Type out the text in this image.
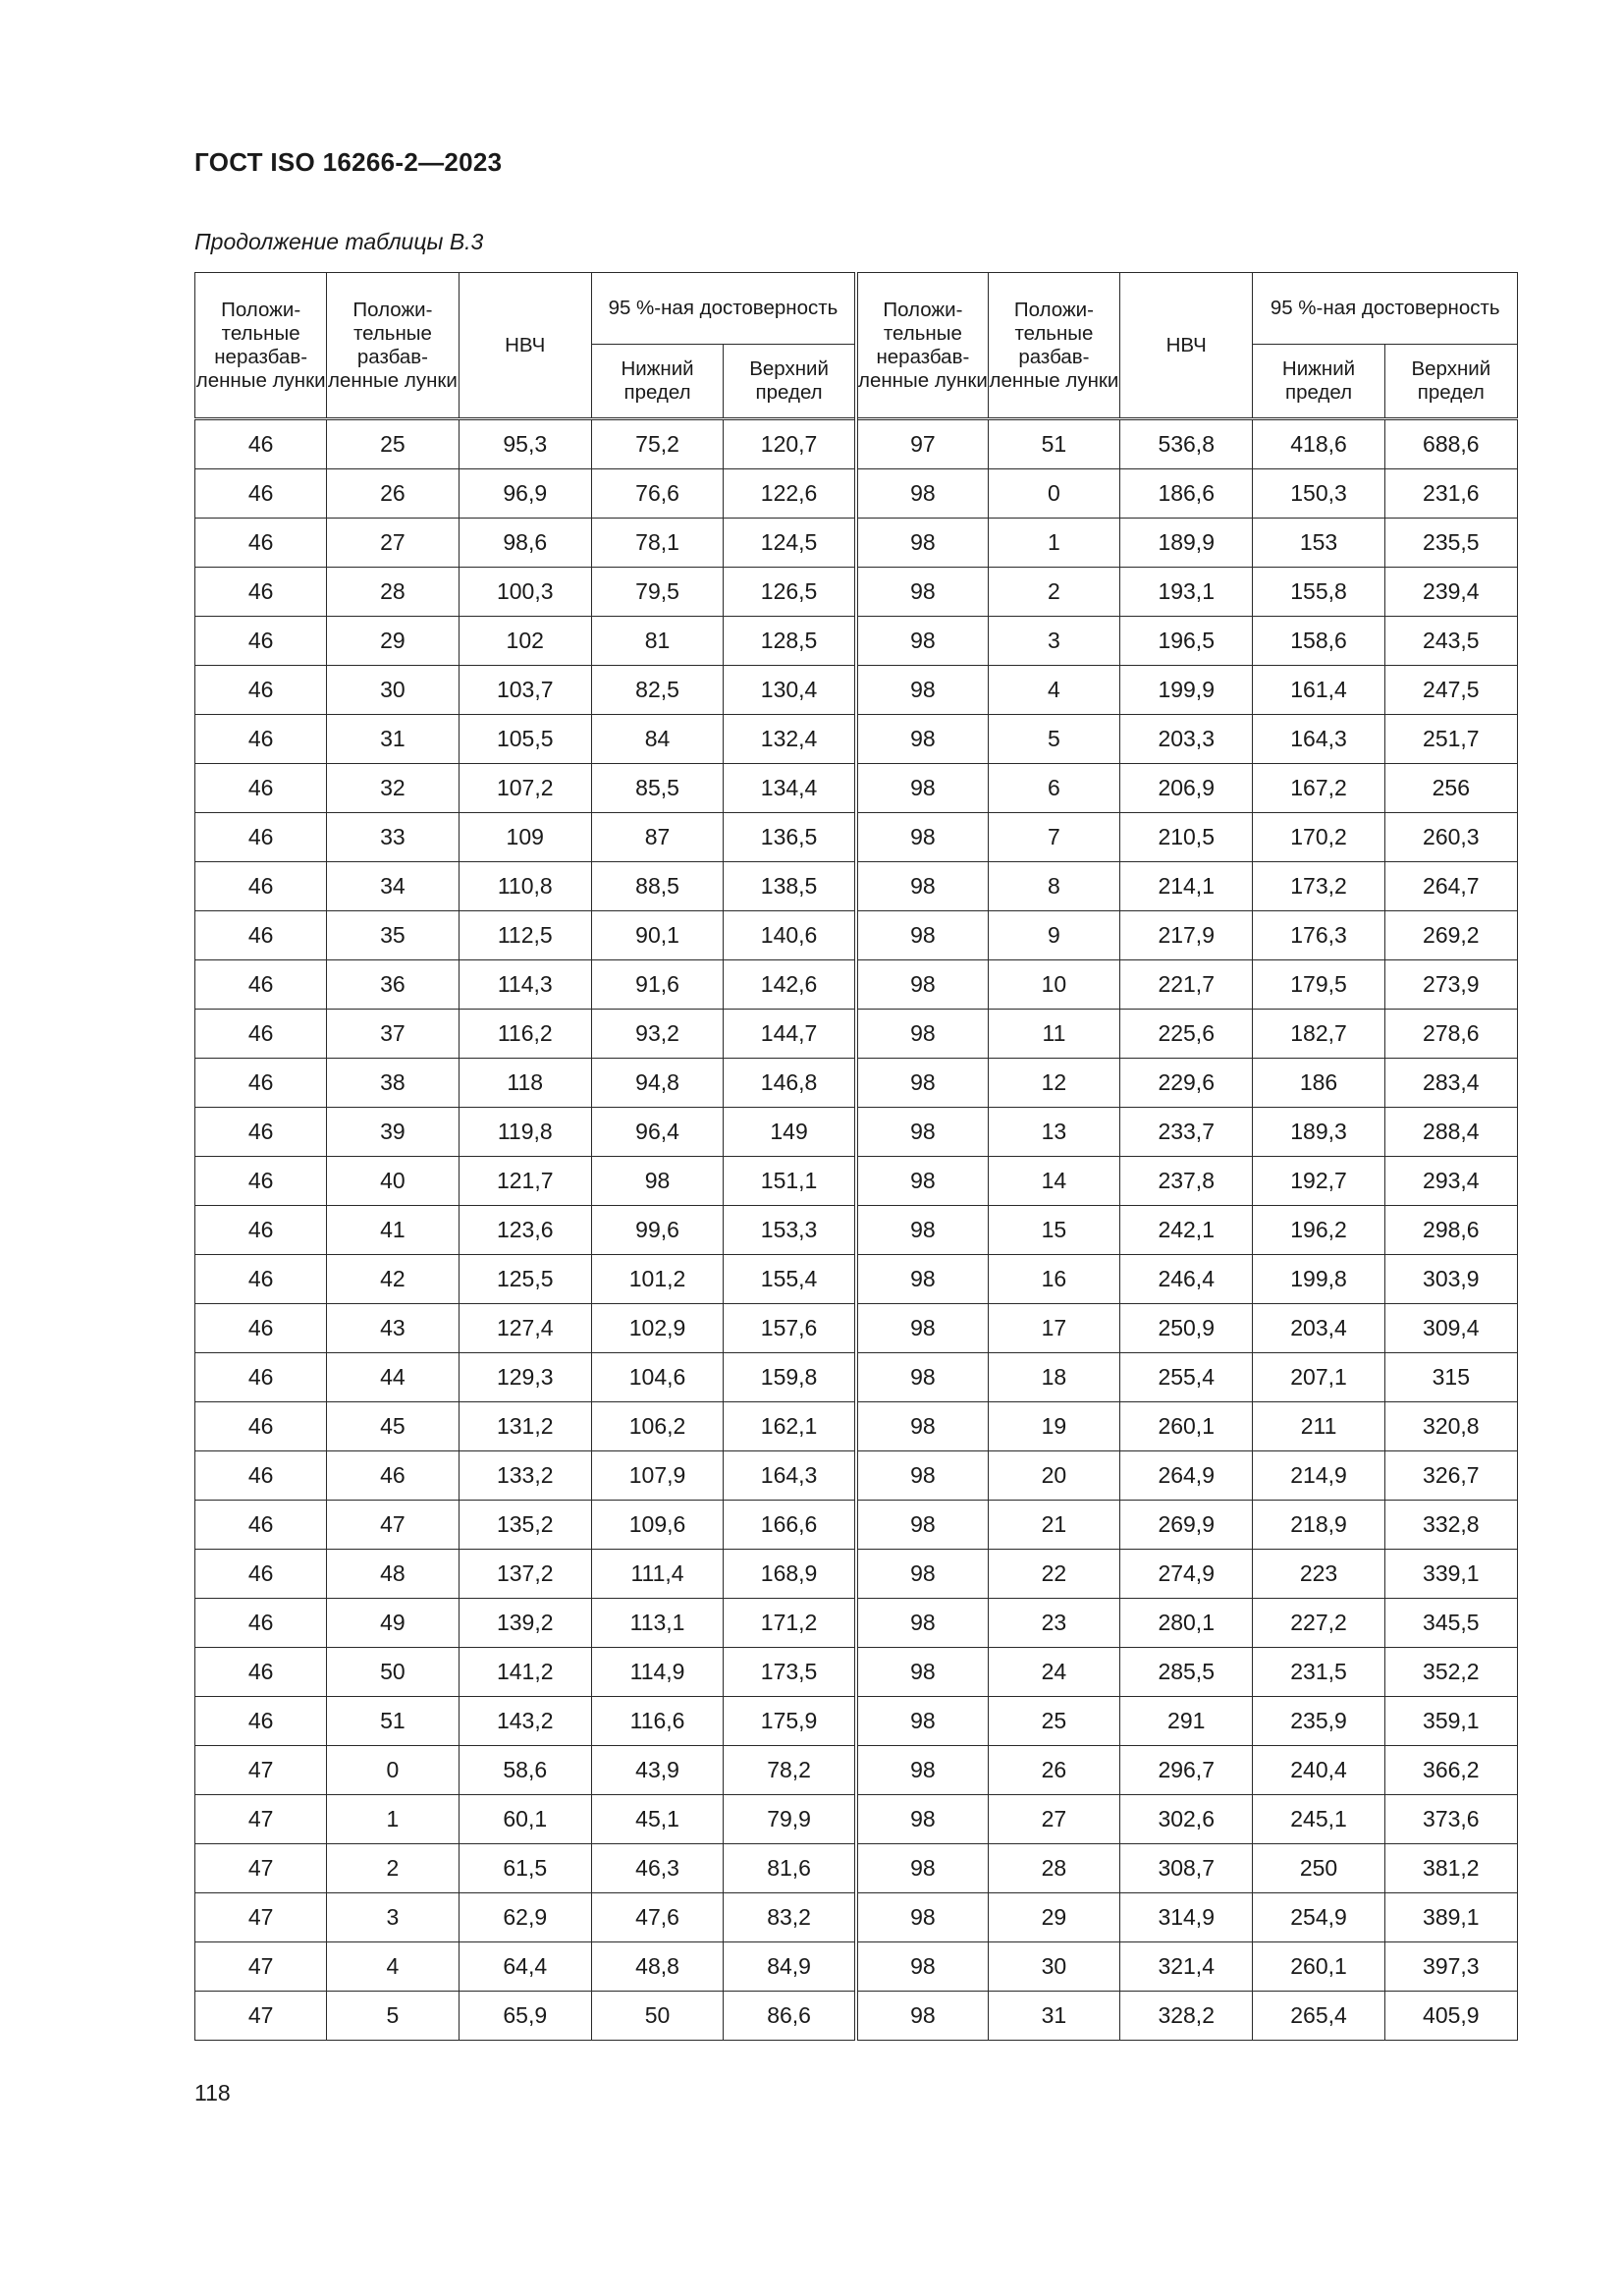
ГОСТ ISO 16266-2—2023
Продолжение таблицы В.3
Положи-тельные неразбав-ленные лунки	Положи-тельные разбав-ленные лунки	НВЧ	95 %-ная достоверность		Положи-тельные неразбав-ленные лунки	Положи-тельные разбав-ленные лунки	НВЧ	95 %-ная достоверность	
			Нижний предел	Верхний предел				Нижний предел	Верхний предел
46	25	95,3	75,2	120,7	97	51	536,8	418,6	688,6
46	26	96,9	76,6	122,6	98	0	186,6	150,3	231,6
46	27	98,6	78,1	124,5	98	1	189,9	153	235,5
46	28	100,3	79,5	126,5	98	2	193,1	155,8	239,4
46	29	102	81	128,5	98	3	196,5	158,6	243,5
46	30	103,7	82,5	130,4	98	4	199,9	161,4	247,5
46	31	105,5	84	132,4	98	5	203,3	164,3	251,7
46	32	107,2	85,5	134,4	98	6	206,9	167,2	256
46	33	109	87	136,5	98	7	210,5	170,2	260,3
46	34	110,8	88,5	138,5	98	8	214,1	173,2	264,7
46	35	112,5	90,1	140,6	98	9	217,9	176,3	269,2
46	36	114,3	91,6	142,6	98	10	221,7	179,5	273,9
46	37	116,2	93,2	144,7	98	11	225,6	182,7	278,6
46	38	118	94,8	146,8	98	12	229,6	186	283,4
46	39	119,8	96,4	149	98	13	233,7	189,3	288,4
46	40	121,7	98	151,1	98	14	237,8	192,7	293,4
46	41	123,6	99,6	153,3	98	15	242,1	196,2	298,6
46	42	125,5	101,2	155,4	98	16	246,4	199,8	303,9
46	43	127,4	102,9	157,6	98	17	250,9	203,4	309,4
46	44	129,3	104,6	159,8	98	18	255,4	207,1	315
46	45	131,2	106,2	162,1	98	19	260,1	211	320,8
46	46	133,2	107,9	164,3	98	20	264,9	214,9	326,7
46	47	135,2	109,6	166,6	98	21	269,9	218,9	332,8
46	48	137,2	111,4	168,9	98	22	274,9	223	339,1
46	49	139,2	113,1	171,2	98	23	280,1	227,2	345,5
46	50	141,2	114,9	173,5	98	24	285,5	231,5	352,2
46	51	143,2	116,6	175,9	98	25	291	235,9	359,1
47	0	58,6	43,9	78,2	98	26	296,7	240,4	366,2
47	1	60,1	45,1	79,9	98	27	302,6	245,1	373,6
47	2	61,5	46,3	81,6	98	28	308,7	250	381,2
47	3	62,9	47,6	83,2	98	29	314,9	254,9	389,1
47	4	64,4	48,8	84,9	98	30	321,4	260,1	397,3
47	5	65,9	50	86,6	98	31	328,2	265,4	405,9
118
